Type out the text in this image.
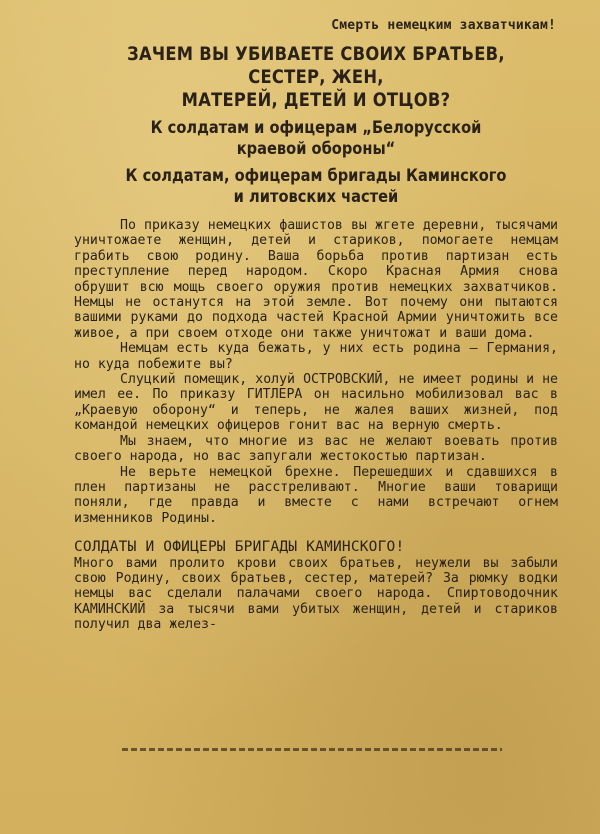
Смерть немецким захватчикам!
ЗАЧЕМ ВЫ УБИВАЕТЕ СВОИХ БРАТЬЕВ, СЕСТЕР, ЖЕН,
МАТЕРЕЙ, ДЕТЕЙ И ОТЦОВ?
К солдатам и офицерам „Белорусской
краевой обороны“
К солдатам, офицерам бригады Каминского
и литовских частей

По приказу немецких фашистов вы жгете деревни, тысячами уничтожаете женщин, детей и стариков, помогаете немцам грабить свою родину. Ваша борьба против партизан есть преступление перед народом. Скоро Красная Армия снова обрушит всю мощь своего оружия против немецких захватчиков. Немцы не останутся на этой земле. Вот почему они пытаются вашими руками до подхода частей Красной Армии уничтожить все живое, а при своем отходе они также уничтожат и ваши дома.

Немцам есть куда бежать, у них есть родина — Германия, но куда побежите вы?

Слуцкий помещик, холуй ОСТРОВСКИЙ, не имеет родины и не имел ее. По приказу ГИТЛЕРА он насильно мобилизовал вас в „Краевую оборону“ и теперь, не жалея ваших жизней, под командой немецких офицеров гонит вас на верную смерть.

Мы знаем, что многие из вас не желают воевать против своего народа, но вас запугали жестокостью партизан.

Не верьте немецкой брехне. Перешедших и сдавшихся в плен партизаны не расстреливают. Многие ваши товарищи поняли, где правда и вместе с нами встречают огнем изменников Родины.

СОЛДАТЫ И ОФИЦЕРЫ БРИГАДЫ КАМИНСКОГО!

Много вами пролито крови своих братьев, неужели вы забыли свою Родину, своих братьев, сестер, матерей? За рюмку водки немцы вас сделали палачами своего народа. Спиртоводочник КАМИНСКИЙ за тысячи вами убитых женщин, детей и стариков получил два желез-
